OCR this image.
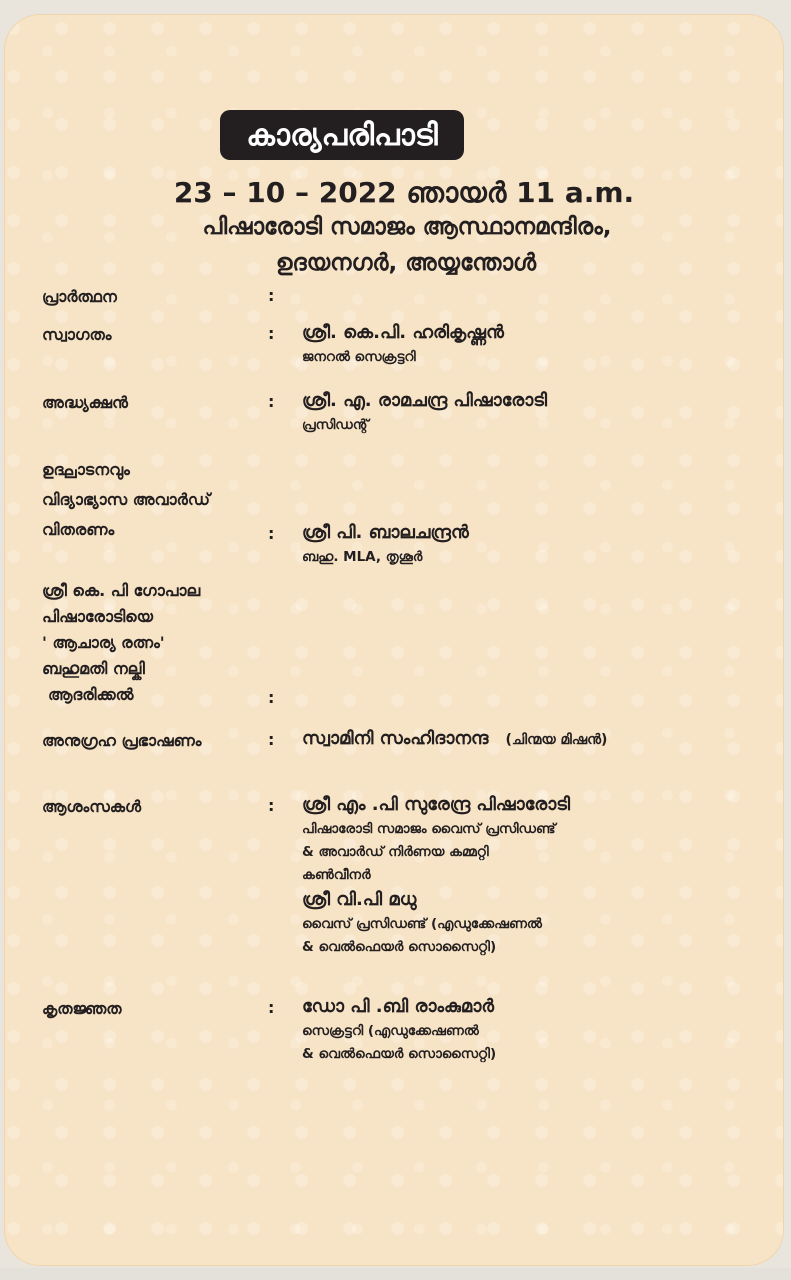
കാര്യപരിപാടി
23 – 10 – 2022 ഞായർ 11 a.m.
പിഷാരോടി സമാജം ആസ്ഥാനമന്ദിരം,
ഉദയനഗർ, അയ്യന്തോൾ
പ്രാർത്ഥന	:
സ്വാഗതം	: ശ്രീ. കെ.പി. ഹരികൃഷ്ണൻ
ജനറൽ സെക്രട്ടറി
അദ്ധ്യക്ഷൻ	: ശ്രീ. എ. രാമചന്ദ്ര പിഷാരോടി
പ്രസിഡന്റ്
ഉദ്ഘാടനവും
വിദ്യാഭ്യാസ അവാർഡ്
വിതരണം	: ശ്രീ പി. ബാലചന്ദ്രൻ
ബഹു. MLA, തൃശൂർ
ശ്രീ കെ. പി ഗോപാല
പിഷാരോടിയെ
' ആചാര്യ രത്നം'
ബഹുമതി നല്കി
ആദരിക്കൽ	:
അനുഗ്രഹ പ്രഭാഷണം	: സ്വാമിനി സംഹിദാനന്ദ (ചിന്മയ മിഷൻ)
ആശംസകൾ	: ശ്രീ എം .പി സുരേന്ദ്ര പിഷാരോടി
പിഷാരോടി സമാജം വൈസ് പ്രസിഡണ്ട്
& അവാർഡ് നിർണയ കമ്മറ്റി
കൺവീനർ
ശ്രീ വി.പി മധു
വൈസ് പ്രസിഡണ്ട് (എഡുക്കേഷണൽ
& വെൽഫെയർ സൊസൈറ്റി)
കൃതജ്ഞത	: ഡോ പി .ബി രാംകുമാർ
സെക്രട്ടറി (എഡുക്കേഷണൽ
& വെൽഫെയർ സൊസൈറ്റി)
